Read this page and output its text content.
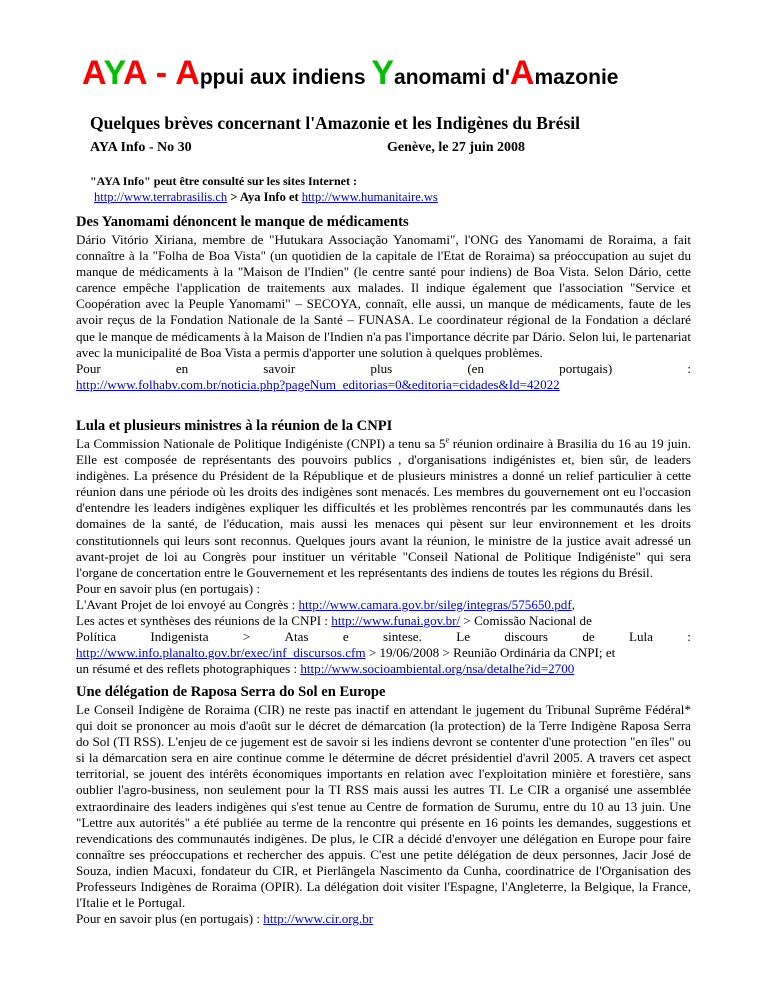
AYA - Appui aux indiens Yanomami d'Amazonie
Quelques brèves concernant l'Amazonie et les Indigènes du Brésil
AYA Info - No 30	Genève, le 27 juin 2008
"AYA Info" peut être consulté sur les sites Internet :
http://www.terrabrasilis.ch > Aya Info et http://www.humanitaire.ws
Des Yanomami dénoncent le manque de médicaments

Dário Vitório Xiriana, membre de "Hutukara Associação Yanomami", l'ONG des Yanomami de Roraima, a fait connaître à la "Folha de Boa Vista" (un quotidien de la capitale de l'Etat de Roraima) sa préoccupation au sujet du manque de médicaments à la "Maison de l'Indien" (le centre santé pour indiens) de Boa Vista. Selon Dário, cette carence empêche l'application de traitements aux malades. Il indique également que l'association "Service et Coopération avec la Peuple Yanomami" – SECOYA, connaît, elle aussi, un manque de médicaments, faute de les avoir reçus de la Fondation Nationale de la Santé – FUNASA. Le coordinateur régional de la Fondation a déclaré que le manque de médicaments à la Maison de l'Indien n'a pas l'importance décrite par Dário. Selon lui, le partenariat avec la municipalité de Boa Vista a permis d'apporter une solution à quelques problèmes.

Pour	en	savoir	plus	(en	portugais)	:

http://www.folhabv.com.br/noticia.php?pageNum_editorias=0&editoria=cidades&Id=42022

Lula et plusieurs ministres à la réunion de la CNPI

La Commission Nationale de Politique Indigéniste (CNPI) a tenu sa 5e réunion ordinaire à Brasilia du 16 au 19 juin. Elle est composée de représentants des pouvoirs publics , d'organisations indigénistes et, bien sûr, de leaders indigènes. La présence du Président de la République et de plusieurs ministres a donné un relief particulier à cette réunion dans une période où les droits des indigènes sont menacés. Les membres du gouvernement ont eu l'occasion d'entendre les leaders indigènes expliquer les difficultés et les problèmes rencontrés par les communautés dans les domaines de la santé, de l'éducation, mais aussi les menaces qui pèsent sur leur environnement et les droits constitutionnels qui leurs sont reconnus. Quelques jours avant la réunion, le ministre de la justice avait adressé un avant-projet de loi au Congrès pour instituer un véritable "Conseil National de Politique Indigéniste" qui sera l'organe de concertation entre le Gouvernement et les représentants des indiens de toutes les régions du Brésil.

Pour en savoir plus (en portugais) :

L'Avant Projet de loi envoyé au Congrès : http://www.camara.gov.br/sileg/integras/575650.pdf,

Les actes et synthèses des réunions de la CNPI : http://www.funai.gov.br/ > Comissão Nacional de

Política	Indigenista	>	Atas	e	sintese.	Le	discours	de	Lula	:

http://www.info.planalto.gov.br/exec/inf_discursos.cfm > 19/06/2008 > Reunião Ordinária da CNPI; et

un résumé et des reflets photographiques : http://www.socioambiental.org/nsa/detalhe?id=2700

Une délégation de Raposa Serra do Sol en Europe

Le Conseil Indigène de Roraima (CIR) ne reste pas inactif en attendant le jugement du Tribunal Suprême Fédéral* qui doit se prononcer au mois d'août sur le décret de démarcation (la protection) de la Terre Indigène Raposa Serra do Sol (TI RSS). L'enjeu de ce jugement est de savoir si les indiens devront se contenter d'une protection "en îles" ou si la démarcation sera en aire continue comme le détermine de décret présidentiel d'avril 2005. A travers cet aspect territorial, se jouent des intérêts économiques importants en relation avec l'exploitation minière et forestière, sans oublier l'agro-business, non seulement pour la TI RSS mais aussi les autres TI. Le CIR a organisé une assemblée extraordinaire des leaders indigènes qui s'est tenue au Centre de formation de Surumu, entre du 10 au 13 juin. Une "Lettre aux autorités" a été publiée au terme de la rencontre qui présente en 16 points les demandes, suggestions et revendications des communautés indigènes. De plus, le CIR a décidé d'envoyer une délégation en Europe pour faire connaître ses préoccupations et rechercher des appuis. C'est une petite délégation de deux personnes, Jacir José de Souza, indien Macuxi, fondateur du CIR, et Pierlângela Nascimento da Cunha, coordinatrice de l'Organisation des Professeurs Indigènes de Roraima (OPIR). La délégation doit visiter l'Espagne, l'Angleterre, la Belgique, la France, l'Italie et le Portugal.

Pour en savoir plus (en portugais) : http://www.cir.org.br
